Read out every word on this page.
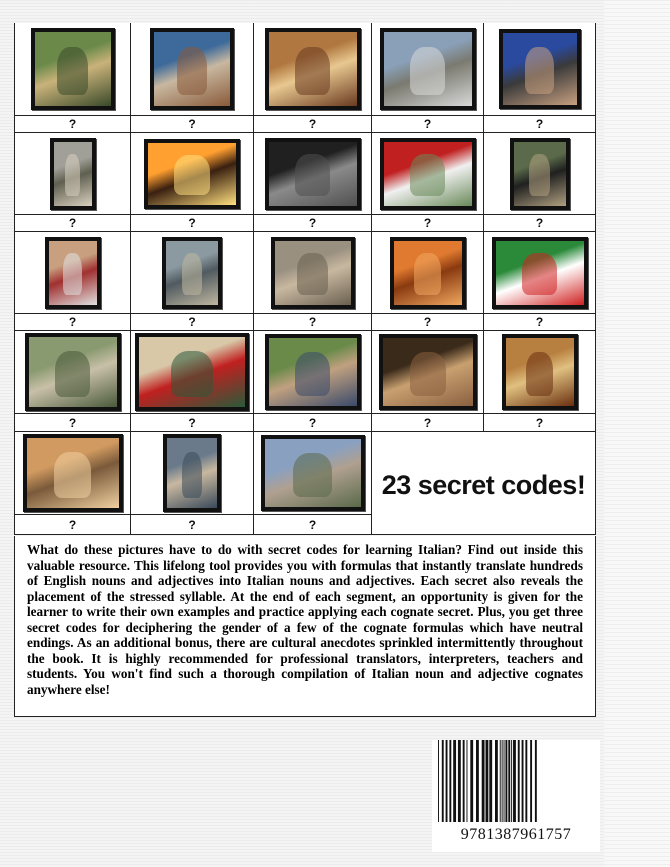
?	?	?	?	?
?	?	?	?	?
?	?	?	?	?
?	?	?	?	?
?	?	?
23 secret codes!

What do these pictures have to do with secret codes for learning Italian? Find out inside this valuable resource. This lifelong tool provides you with formulas that instantly translate hundreds of English nouns and adjectives into Italian nouns and adjectives. Each secret also reveals the placement of the stressed syllable. At the end of each segment, an opportunity is given for the learner to write their own examples and practice applying each cognate secret. Plus, you get three secret codes for deciphering the gender of a few of the cognate formulas which have neutral endings. As an additional bonus, there are cultural anecdotes sprinkled intermittently throughout the book. It is highly recommended for professional translators, interpreters, teachers and students. You won't find such a thorough compilation of Italian noun and adjective cognates anywhere else!

9781387961757
